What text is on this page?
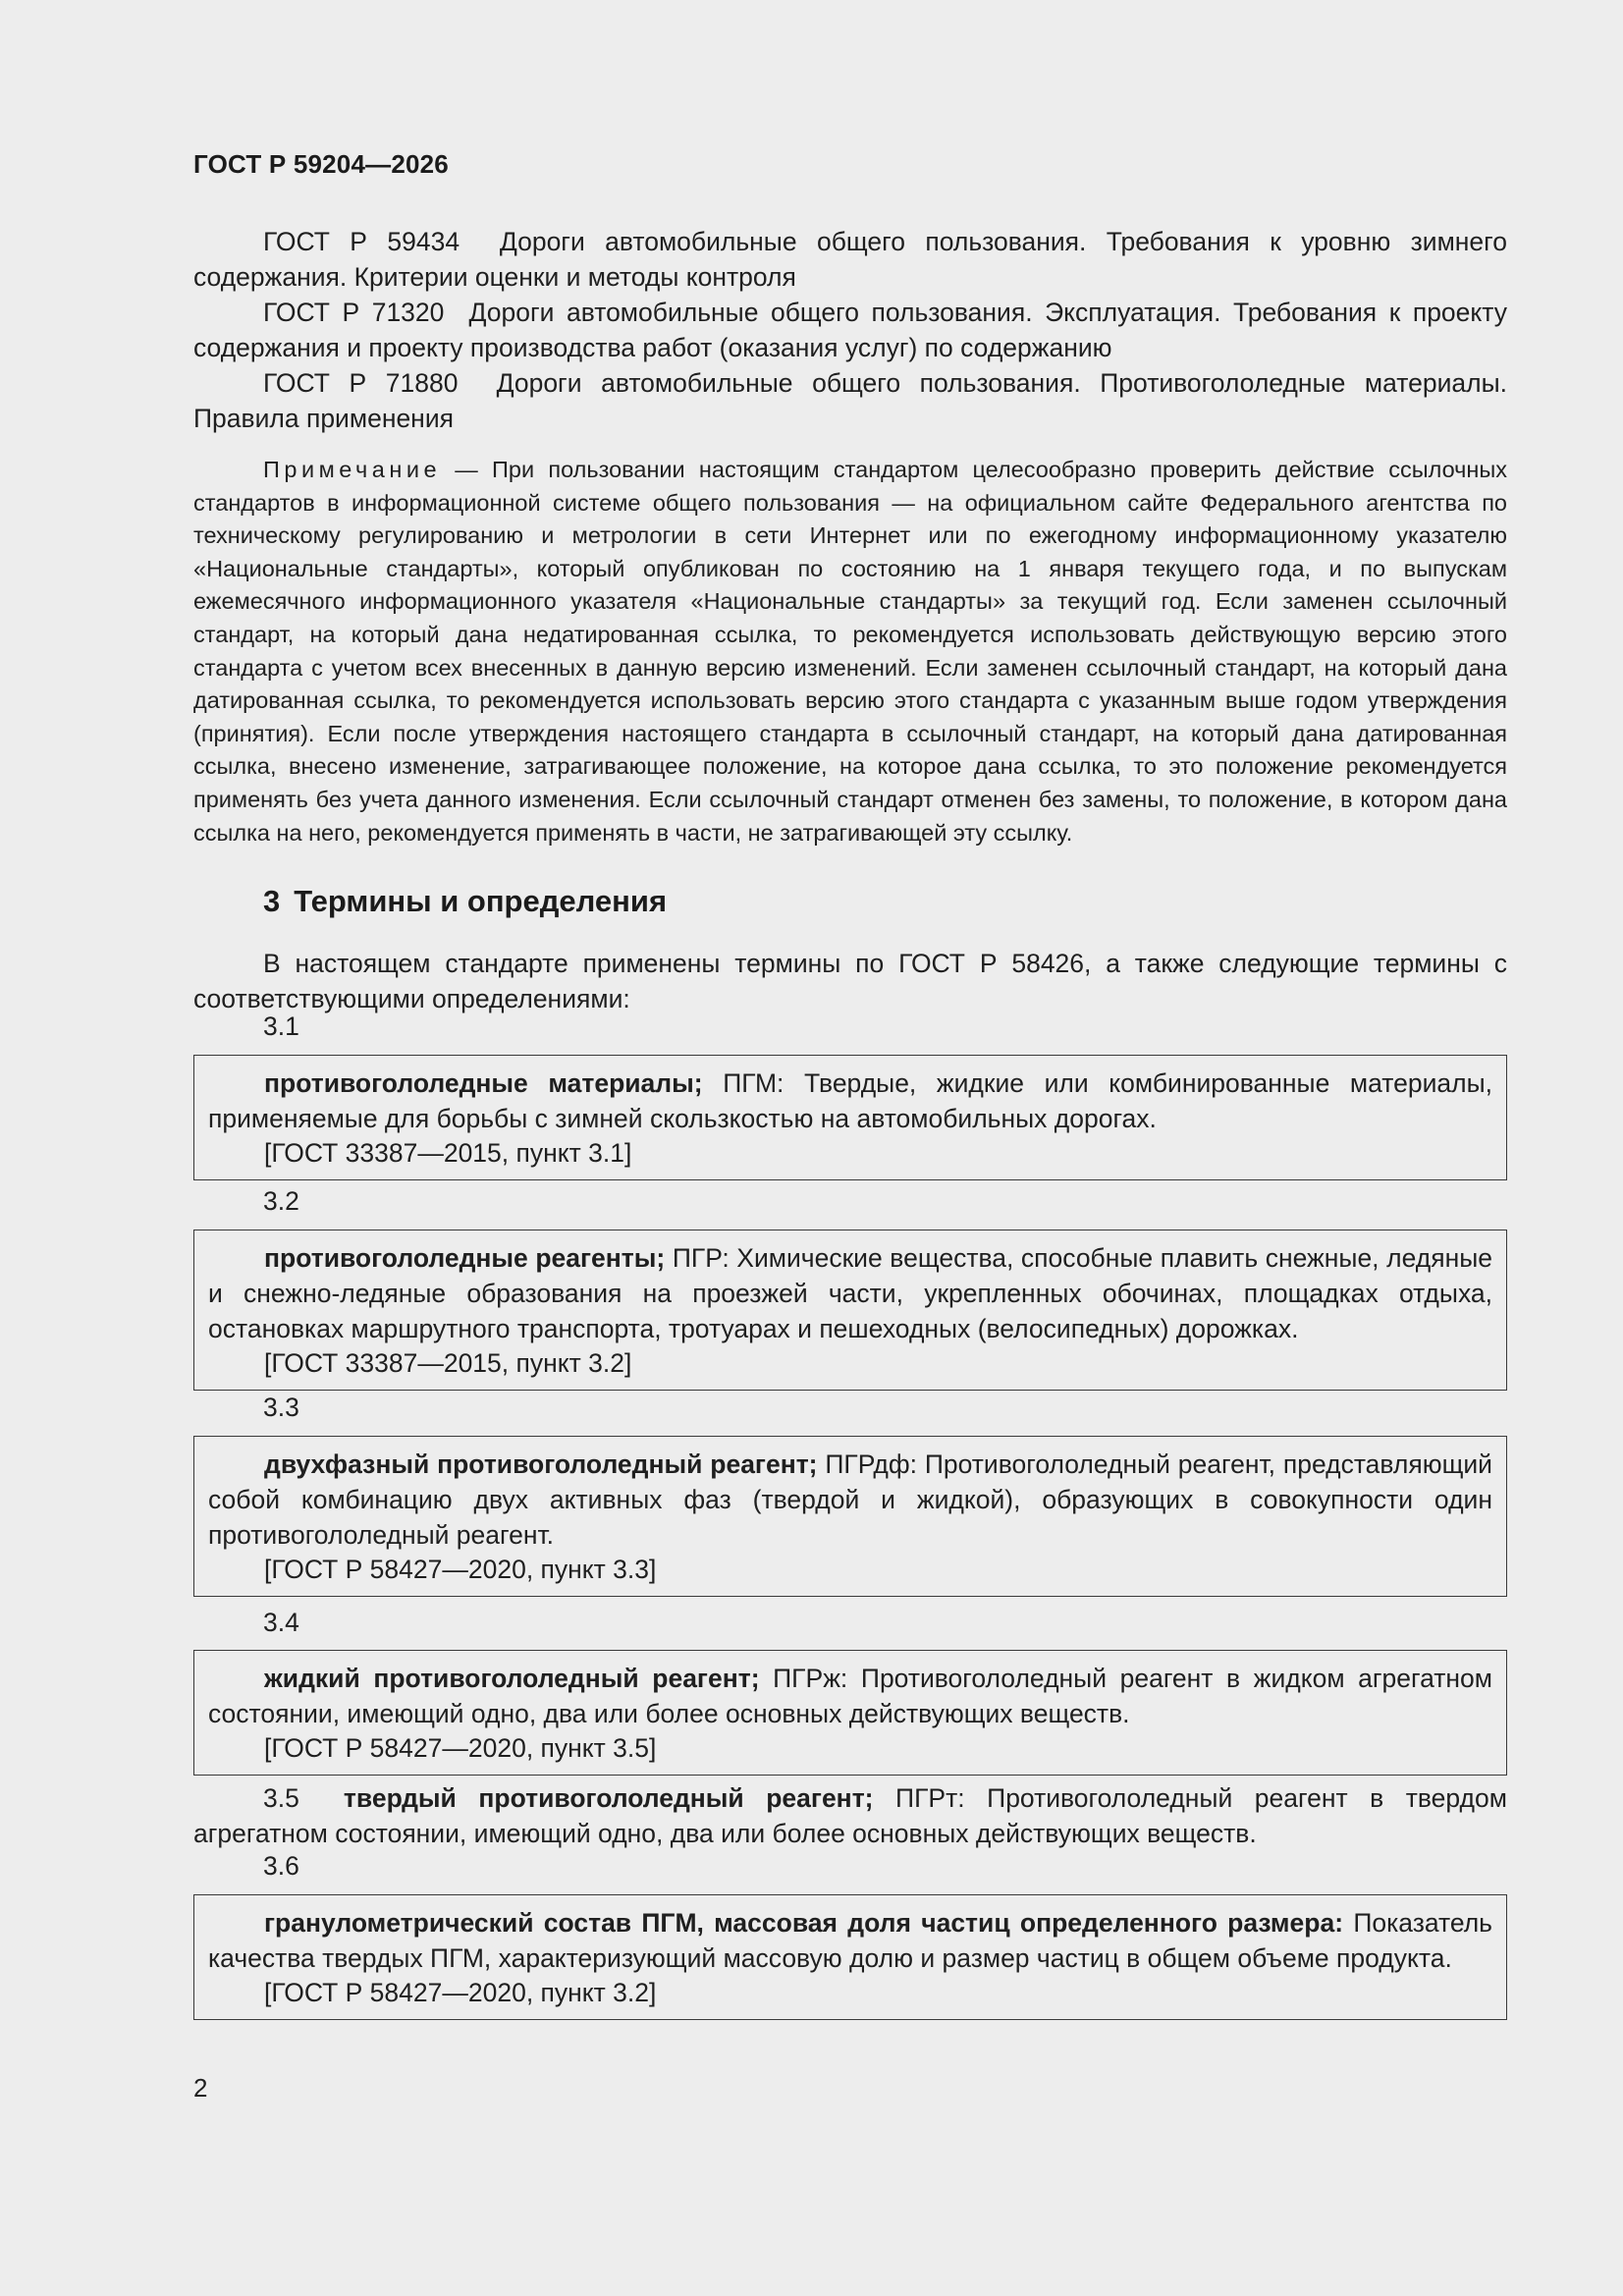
ГОСТ Р 59204—2026

ГОСТ Р 59434 Дороги автомобильные общего пользования. Требования к уровню зимнего содержания. Критерии оценки и методы контроля

ГОСТ Р 71320 Дороги автомобильные общего пользования. Эксплуатация. Требования к проекту содержания и проекту производства работ (оказания услуг) по содержанию

ГОСТ Р 71880 Дороги автомобильные общего пользования. Противогололедные материалы. Правила применения

Примечание — При пользовании настоящим стандартом целесообразно проверить действие ссылочных стандартов в информационной системе общего пользования — на официальном сайте Федерального агентства по техническому регулированию и метрологии в сети Интернет или по ежегодному информационному указателю «Национальные стандарты», который опубликован по состоянию на 1 января текущего года, и по выпускам ежемесячного информационного указателя «Национальные стандарты» за текущий год. Если заменен ссылочный стандарт, на который дана недатированная ссылка, то рекомендуется использовать действующую версию этого стандарта с учетом всех внесенных в данную версию изменений. Если заменен ссылочный стандарт, на который дана датированная ссылка, то рекомендуется использовать версию этого стандарта с указанным выше годом утверждения (принятия). Если после утверждения настоящего стандарта в ссылочный стандарт, на который дана датированная ссылка, внесено изменение, затрагивающее положение, на которое дана ссылка, то это положение рекомендуется применять без учета данного изменения. Если ссылочный стандарт отменен без замены, то положение, в котором дана ссылка на него, рекомендуется применять в части, не затрагивающей эту ссылку.

3 Термины и определения

В настоящем стандарте применены термины по ГОСТ Р 58426, а также следующие термины с соответствующими определениями:

3.1

противогололедные материалы; ПГМ: Твердые, жидкие или комбинированные материалы, применяемые для борьбы с зимней скользкостью на автомобильных дорогах.

[ГОСТ 33387—2015, пункт 3.1]

3.2

противогололедные реагенты; ПГР: Химические вещества, способные плавить снежные, ледяные и снежно-ледяные образования на проезжей части, укрепленных обочинах, площадках отдыха, остановках маршрутного транспорта, тротуарах и пешеходных (велосипедных) дорожках.

[ГОСТ 33387—2015, пункт 3.2]

3.3

двухфазный противогололедный реагент; ПГРдф: Противогололедный реагент, представляющий собой комбинацию двух активных фаз (твердой и жидкой), образующих в совокупности один противогололедный реагент.

[ГОСТ Р 58427—2020, пункт 3.3]

3.4

жидкий противогололедный реагент; ПГРж: Противогололедный реагент в жидком агрегатном состоянии, имеющий одно, два или более основных действующих веществ.

[ГОСТ Р 58427—2020, пункт 3.5]

3.5 твердый противогололедный реагент; ПГРт: Противогололедный реагент в твердом агрегатном состоянии, имеющий одно, два или более основных действующих веществ.

3.6

гранулометрический состав ПГМ, массовая доля частиц определенного размера: Показатель качества твердых ПГМ, характеризующий массовую долю и размер частиц в общем объеме продукта.

[ГОСТ Р 58427—2020, пункт 3.2]

2
